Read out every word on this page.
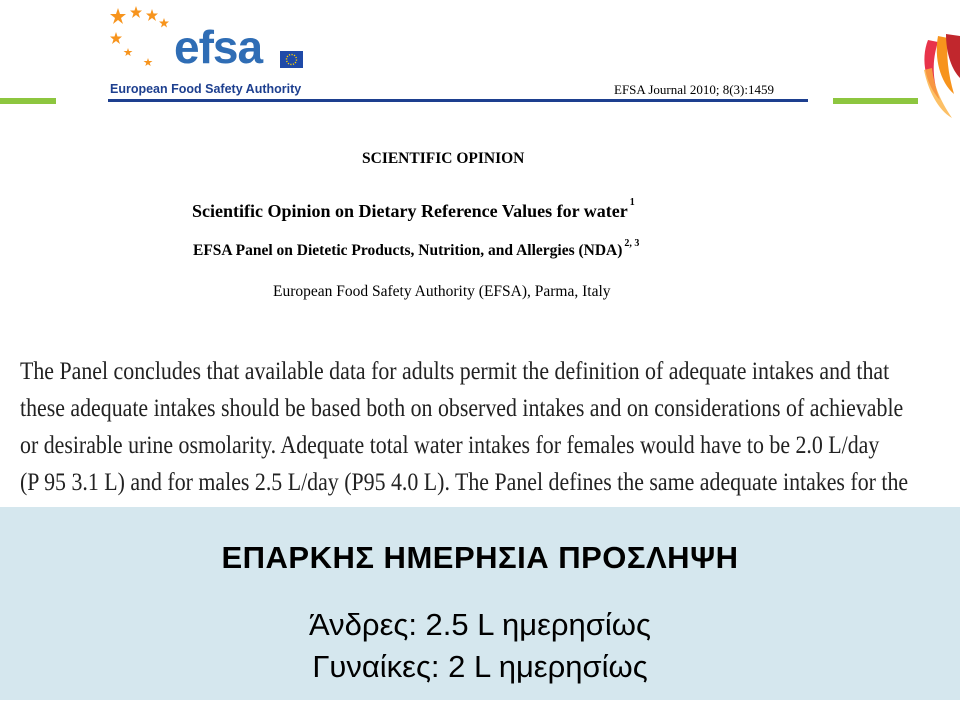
efsa
European Food Safety Authority	EFSA Journal 2010; 8(3):1459
SCIENTIFIC OPINION
Scientific Opinion on Dietary Reference Values for water $^1$
EFSA Panel on Dietetic Products, Nutrition, and Allergies (NDA) $^{2, 3}$
European Food Safety Authority (EFSA), Parma, Italy
The Panel concludes that available data for adults permit the definition of adequate intakes and that
these adequate intakes should be based both on observed intakes and on considerations of achievable
or desirable urine osmolarity. Adequate total water intakes for females would have to be 2.0 L/day
(P 95 3.1 L) and for males 2.5 L/day (P95 4.0 L). The Panel defines the same adequate intakes for the
ΕΠΑΡΚΗΣ ΗΜΕΡΗΣΙΑ ΠΡΟΣΛΗΨΗ
Άνδρες: 2.5 L ημερησίως
Γυναίκες: 2 L ημερησίως
